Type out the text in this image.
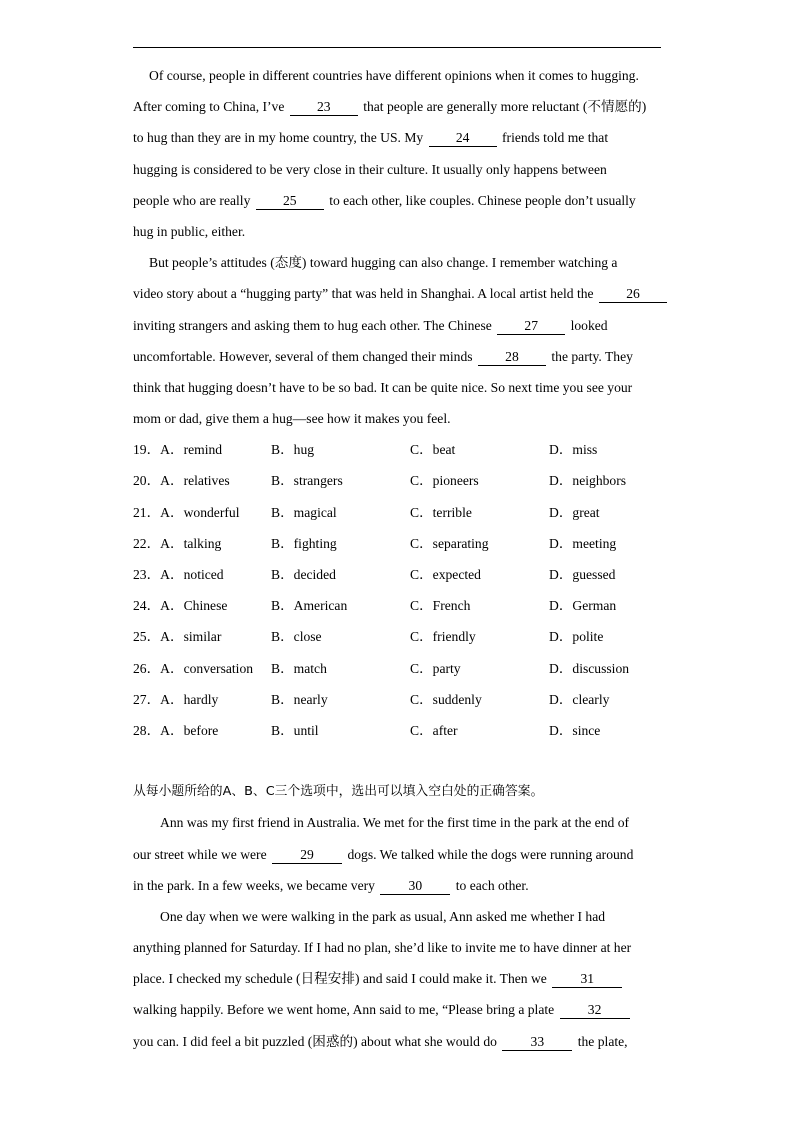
Of course, people in different countries have different opinions when it comes to hugging.
After coming to China, I’ve 23 that people are generally more reluctant (不情愿的)
to hug than they are in my home country, the US. My 24 friends told me that
hugging is considered to be very close in their culture. It usually only happens between
people who are really 25 to each other, like couples. Chinese people don’t usually
hug in public, either.
But people’s attitudes (态度) toward hugging can also change. I remember watching a
video story about a “hugging party” that was held in Shanghai. A local artist held the 26
inviting strangers and asking them to hug each other. The Chinese 27 looked
uncomfortable. However, several of them changed their minds 28 the party. They
think that hugging doesn’t have to be so bad. It can be quite nice. So next time you see your
mom or dad, give them a hug—see how it makes you feel.
19．A．remind	B．hug	C．beat	D．miss
20．A．relatives	B．strangers	C．pioneers	D．neighbors
21．A．wonderful B．magical	C．terrible	D．great
22．A．talking	B．fighting	C．separating	D．meeting
23．A．noticed	B．decided	C．expected	D．guessed
24．A．Chinese	B．American	C．French	D．German
25．A．similar	B．close	C．friendly	D．polite
26．A．conversation B．match	C．party	D．discussion
27．A．hardly	B．nearly	C．suddenly	D．clearly
28．A．before	B．until	C．after	D．since
从每小题所给的A、B、C三个选项中，选出可以填入空白处的正确答案。
Ann was my first friend in Australia. We met for the first time in the park at the end of
our street while we were 29 dogs. We talked while the dogs were running around
in the park. In a few weeks, we became very 30 to each other.
One day when we were walking in the park as usual, Ann asked me whether I had
anything planned for Saturday. If I had no plan, she’d like to invite me to have dinner at her
place. I checked my schedule (日程安排) and said I could make it. Then we 31
walking happily. Before we went home, Ann said to me, “Please bring a plate 32
you can. I did feel a bit puzzled (困惑的) about what she would do 33 the plate,
